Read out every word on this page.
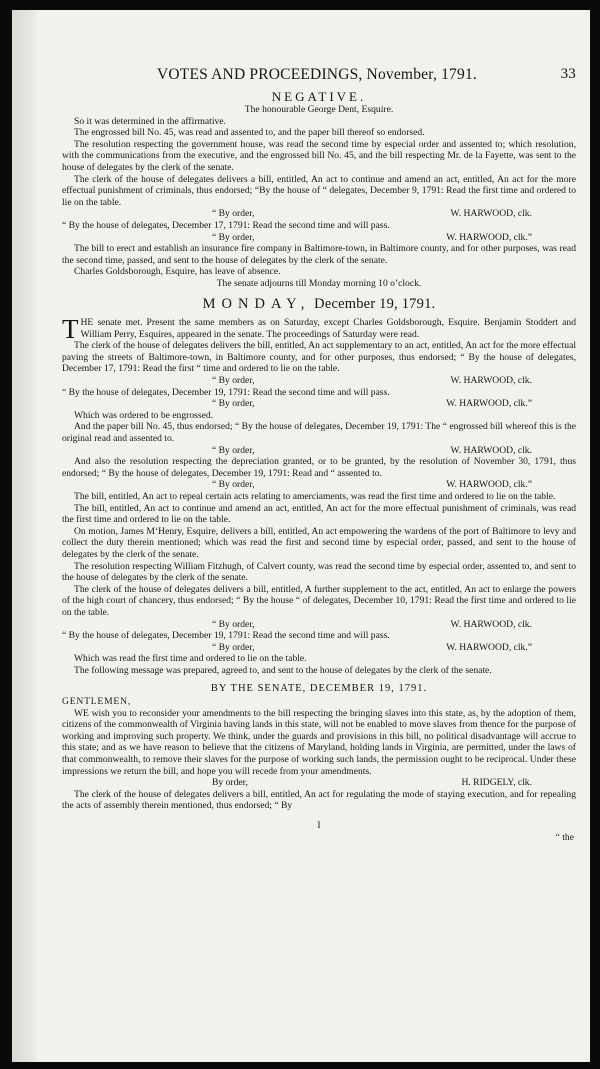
VOTES AND PROCEEDINGS, November, 1791.	33
NEGATIVE.
The honourable George Dent, Esquire.

So it was determined in the affirmative.

The engrossed bill No. 45, was read and assented to, and the paper bill thereof so endorsed.

The resolution respecting the government house, was read the second time by especial order and assented to; which resolution, with the communications from the executive, and the engrossed bill No. 45, and the bill respecting Mr. de la Fayette, was sent to the house of delegates by the clerk of the senate.

The clerk of the house of delegates delivers a bill, entitled, An act to continue and amend an act, entitled, An act for the more effectual punishment of criminals, thus endorsed; “By the house of “ delegates, December 9, 1791: Read the first time and ordered to lie on the table.

“ By order,	W. HARWOOD, clk.

“ By the house of delegates, December 17, 1791: Read the second time and will pass.

“ By order,	W. HARWOOD, clk.”

The bill to erect and establish an insurance fire company in Baltimore-town, in Baltimore county, and for other purposes, was read the second time, passed, and sent to the house of delegates by the clerk of the senate.

Charles Goldsborough, Esquire, has leave of absence.

The senate adjourns till Monday morning 10 o’clock.
MONDAY, December 19, 1791.

THE senate met. Present the same members as on Saturday, except Charles Goldsborough, Esquire. Benjamin Stoddert and William Perry, Esquires, appeared in the senate. The proceedings of Saturday were read.

The clerk of the house of delegates delivers the bill, entitled, An act supplementary to an act, entitled, An act for the more effectual paving the streets of Baltimore-town, in Baltimore county, and for other purposes, thus endorsed; “ By the house of delegates, December 17, 1791: Read the first “ time and ordered to lie on the table.

“ By order,	W. HARWOOD, clk.

“ By the house of delegates, December 19, 1791: Read the second time and will pass.

“ By order,	W. HARWOOD, clk.”

Which was ordered to be engrossed.

And the paper bill No. 45, thus endorsed; “ By the house of delegates, December 19, 1791: The “ engrossed bill whereof this is the original read and assented to.

“ By order,	W. HARWOOD, clk.

And also the resolution respecting the depreciation granted, or to be granted, by the resolution of November 30, 1791, thus endorsed; “ By the house of delegates, December 19, 1791: Read and “ assented to.

“ By order,	W. HARWOOD, clk.”

The bill, entitled, An act to repeal certain acts relating to amerciaments, was read the first time and ordered to lie on the table.

The bill, entitled, An act to continue and amend an act, entitled, An act for the more effectual punishment of criminals, was read the first time and ordered to lie on the table.

On motion, James M‘Henry, Esquire, delivers a bill, entitled, An act empowering the wardens of the port of Baltimore to levy and collect the duty therein mentioned; which was read the first and second time by especial order, passed, and sent to the house of delegates by the clerk of the senate.

The resolution respecting William Fitzhugh, of Calvert county, was read the second time by especial order, assented to, and sent to the house of delegates by the clerk of the senate.

The clerk of the house of delegates delivers a bill, entitled, A further supplement to the act, entitled, An act to enlarge the powers of the high court of chancery, thus endorsed; “ By the house “ of delegates, December 10, 1791: Read the first time and ordered to lie on the table.

“ By order,	W. HARWOOD, clk.

“ By the house of delegates, December 19, 1791: Read the second time and will pass.

“ By order,	W. HARWOOD, clk.”

Which was read the first time and ordered to lie on the table.

The following message was prepared, agreed to, and sent to the house of delegates by the clerk of the senate.

BY THE SENATE, DECEMBER 19, 1791.

GENTLEMEN,

WE wish you to reconsider your amendments to the bill respecting the bringing slaves into this state, as, by the adoption of them, citizens of the commonwealth of Virginia having lands in this state, will not be enabled to move slaves from thence for the purpose of working and improving such property. We think, under the guards and provisions in this bill, no political disadvantage will accrue to this state; and as we have reason to believe that the citizens of Maryland, holding lands in Virginia, are permitted, under the laws of that commonwealth, to remove their slaves for the purpose of working such lands, the permission ought to be reciprocal. Under these impressions we return the bill, and hope you will recede from your amendments.

By order,	H. RIDGELY, clk.

The clerk of the house of delegates delivers a bill, entitled, An act for regulating the mode of staying execution, and for repealing the acts of assembly therein mentioned, thus endorsed; “ By

I
“ the
